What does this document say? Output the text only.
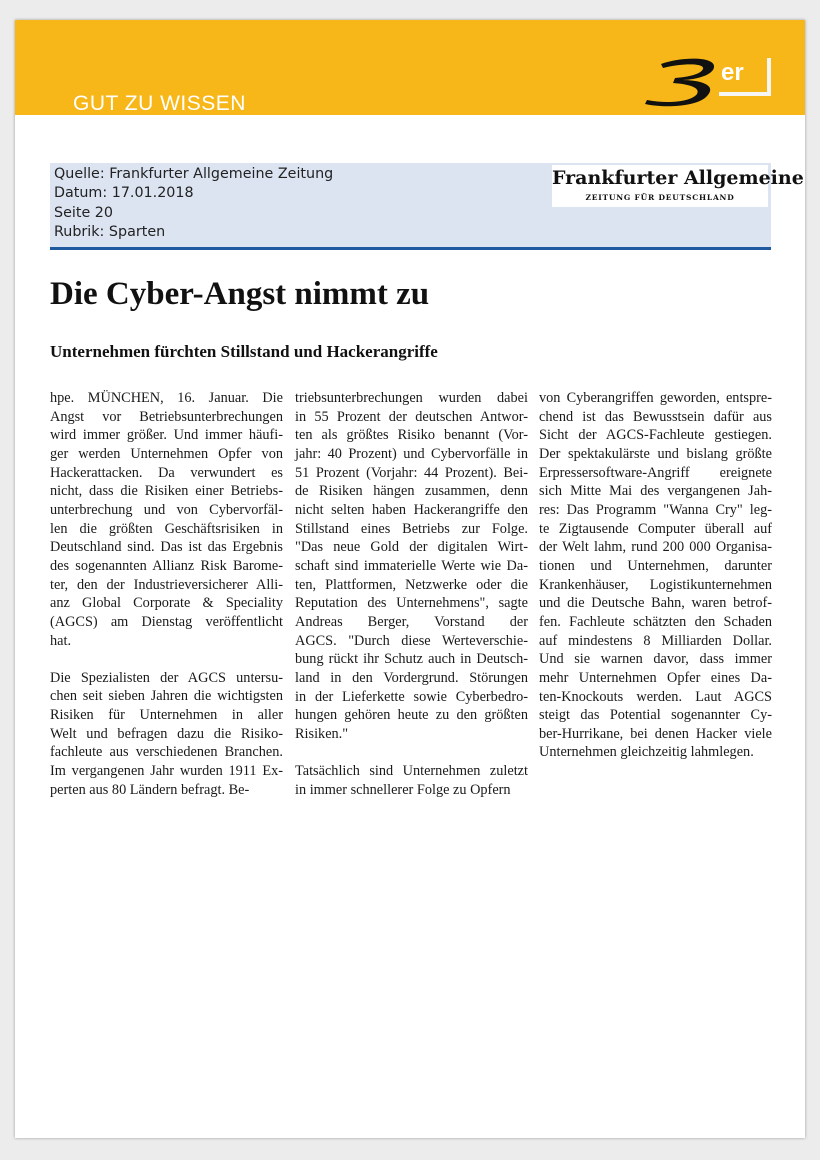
GUT ZU WISSEN
er
Quelle: Frankfurter Allgemeine Zeitung
Datum: 17.01.2018
Seite 20
Rubrik: Sparten
Frankfurter Allgemeine
ZEITUNG FÜR DEUTSCHLAND
Die Cyber-Angst nimmt zu
Unternehmen fürchten Stillstand und Hackerangriffe
hpe. MÜNCHEN, 16. Januar. Die
Angst vor Betriebsunterbrechungen
wird immer größer. Und immer häufi-
ger werden Unternehmen Opfer von
Hackerattacken. Da verwundert es
nicht, dass die Risiken einer Betriebs-
unterbrechung und von Cybervorfäl-
len die größten Geschäftsrisiken in
Deutschland sind. Das ist das Ergebnis
des sogenannten Allianz Risk Barome-
ter, den der Industrieversicherer Alli-
anz Global Corporate & Speciality
(AGCS) am Dienstag veröffentlicht
hat.
Die Spezialisten der AGCS untersu-
chen seit sieben Jahren die wichtigsten
Risiken für Unternehmen in aller
Welt und befragen dazu die Risiko-
fachleute aus verschiedenen Branchen.
Im vergangenen Jahr wurden 1911 Ex-
perten aus 80 Ländern befragt. Be-
triebsunterbrechungen wurden dabei
in 55 Prozent der deutschen Antwor-
ten als größtes Risiko benannt (Vor-
jahr: 40 Prozent) und Cybervorfälle in
51 Prozent (Vorjahr: 44 Prozent). Bei-
de Risiken hängen zusammen, denn
nicht selten haben Hackerangriffe den
Stillstand eines Betriebs zur Folge.
"Das neue Gold der digitalen Wirt-
schaft sind immaterielle Werte wie Da-
ten, Plattformen, Netzwerke oder die
Reputation des Unternehmens", sagte
Andreas Berger, Vorstand der
AGCS. "Durch diese Werteverschie-
bung rückt ihr Schutz auch in Deutsch-
land in den Vordergrund. Störungen
in der Lieferkette sowie Cyberbedro-
hungen gehören heute zu den größten
Risiken."
Tatsächlich sind Unternehmen zuletzt
in immer schnellerer Folge zu Opfern
von Cyberangriffen geworden, entspre-
chend ist das Bewusstsein dafür aus
Sicht der AGCS-Fachleute gestiegen.
Der spektakulärste und bislang größte
Erpressersoftware-Angriff ereignete
sich Mitte Mai des vergangenen Jah-
res: Das Programm "Wanna Cry" leg-
te Zigtausende Computer überall auf
der Welt lahm, rund 200 000 Organisa-
tionen und Unternehmen, darunter
Krankenhäuser, Logistikunternehmen
und die Deutsche Bahn, waren betrof-
fen. Fachleute schätzten den Schaden
auf mindestens 8 Milliarden Dollar.
Und sie warnen davor, dass immer
mehr Unternehmen Opfer eines Da-
ten-Knockouts werden. Laut AGCS
steigt das Potential sogenannter Cy-
ber-Hurrikane, bei denen Hacker viele
Unternehmen gleichzeitig lahmlegen.
